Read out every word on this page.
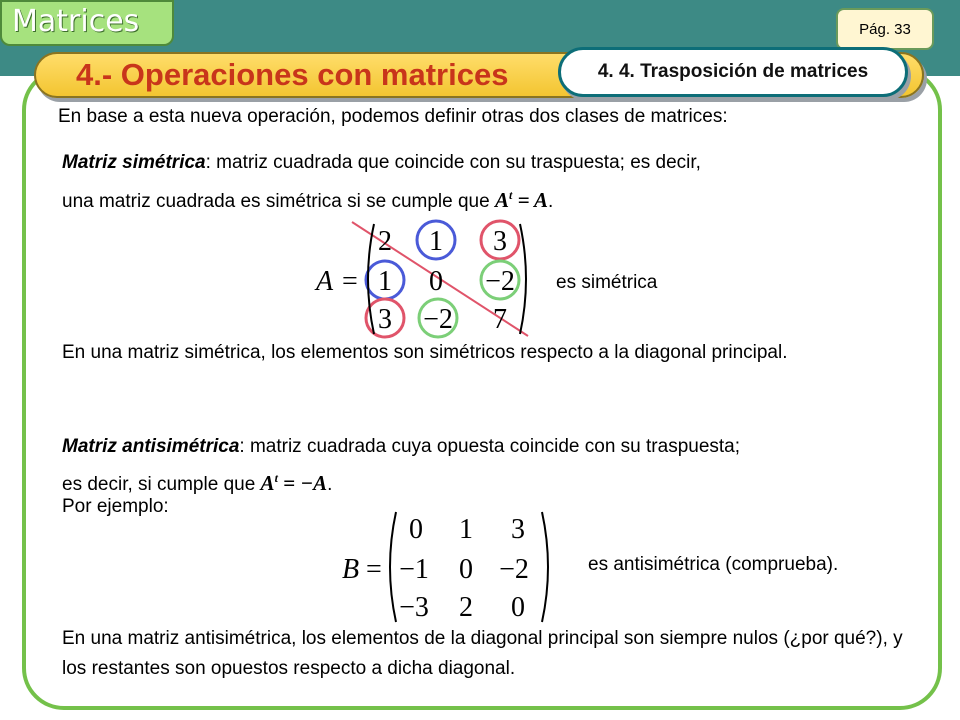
Matrices	Pág. 33
4.- Operaciones con matrices	4. 4. Trasposición de matrices
En base a esta nueva operación, podemos definir otras dos clases de matrices:
Matriz simétrica: matriz cuadrada que coincide con su traspuesta; es decir,
una matriz cuadrada es simétrica si se cumple que $A^t = A$.
A =
2 1 3
1 0 −2
3 −2 7
es simétrica
En una matriz simétrica, los elementos son simétricos respecto a la diagonal principal.
Matriz antisimétrica: matriz cuadrada cuya opuesta coincide con su traspuesta;
es decir, si cumple que $A^t = -A$.
Por ejemplo:
B =
0 1 3
−1 0 −2
−3 2 0
es antisimétrica (comprueba).
En una matriz antisimétrica, los elementos de la diagonal principal son siempre nulos (¿por qué?), y los restantes son opuestos respecto a dicha diagonal.
